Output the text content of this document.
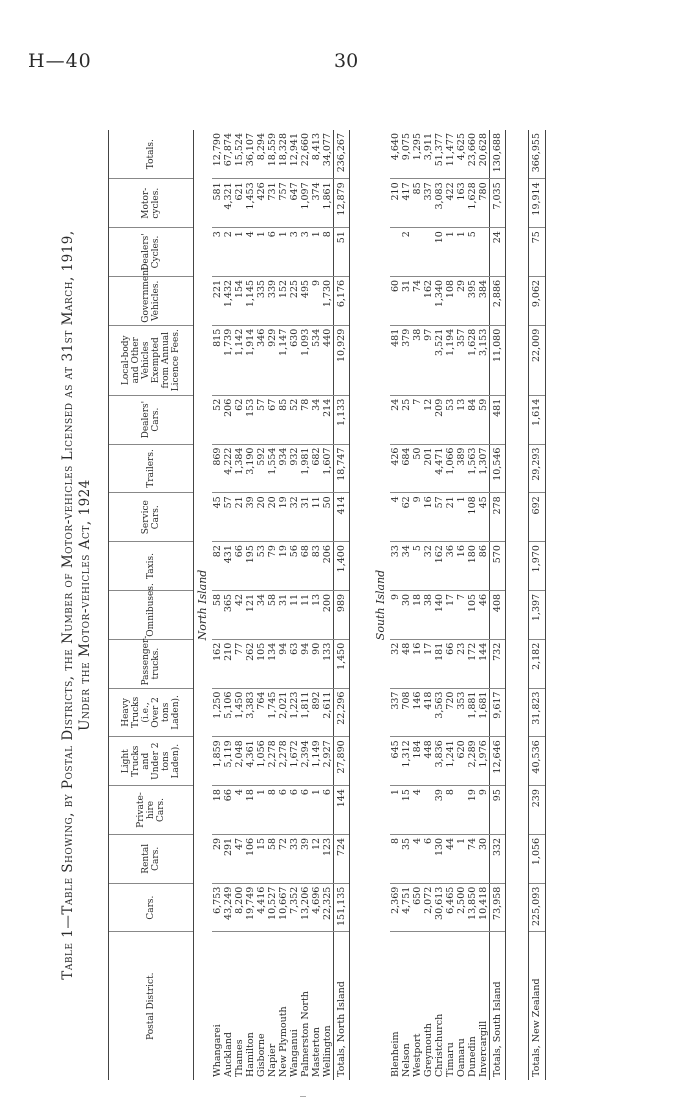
H—40	30
Table 1—Table Showing, by Postal Districts, the Number of Motor-vehicles Licensed as at 31st March, 1919, Under the Motor-vehicles Act, 1924
Postal District.	Cars.	Rental Cars.	Private-hire Cars.	Light Trucks and Under 2 tons Laden).	Heavy Trucks (i.e., Over 2 tons Laden).	Passenger-trucks.	Omnibuses.	Taxis.	Service Cars.	Trailers.	Dealers' Cars.	Local-body and Other Vehicles Exempted from Annual Licence Fees.	Government Vehicles.	Dealers' Cycles.	Motor-cycles.	Totals.
North Island																
Whangarei	6,753	29	18	1,859	1,250	162	58	82	45	869	52	815	221	3	581	12,790
Auckland	43,249	291	66	5,119	5,106	210	365	431	57	4,222	206	1,739	1,432	2	4,321	67,874
Thames	8,200	47	4	2,048	1,450	77	42	66	21	1,384	62	1,142	154	1	621	15,524
Hamilton	19,749	106	18	4,361	3,383	262	121	195	39	3,190	153	1,914	1,145	4	1,453	36,107
Gisborne	4,416	15	1	1,056	764	105	34	53	20	592	57	346	335	1	426	8,294
Napier	10,527	58	8	2,278	1,745	134	58	79	20	1,554	67	929	339	6	731	18,559
New Plymouth	10,667	72	6	2,278	2,021	94	31	19	19	934	85	1,147	152	1	757	18,328
Wanganui	7,352	33	6	1,672	1,223	63	11	56	32	932	52	630	225	3	647	12,941
Palmerston North	13,206	39	6	2,394	1,811	94	11	68	31	1,981	78	1,093	495	3	1,097	22,660
Masterton	4,696	12	1	1,149	892	90	13	83	11	682	34	534	9	1	374	8,413
Wellington	22,325	123	6	2,927	2,611	133	200	206	50	1,607	214	440	1,730	8	1,861	34,077
Totals, North Island	151,135	724	144	27,890	22,296	1,450	989	1,400	414	18,747	1,133	10,929	6,176	51	12,879	236,267

South Island																
Blenheim	2,369	8	1	645	337	32	9	33	4	426	24	481	60		210	4,640
Nelson	4,751	35	15	1,312	708	48	30	34	62	684	25	379	31	2	417	9,075
Westport	650	4	4	184	146	16	18	5	9	50	7	38	74		85	1,295
Greymouth	2,072	6		448	418	17	38	32	16	201	12	97	162		337	3,911
Christchurch	30,613	130	39	3,836	3,563	181	140	162	57	4,471	209	3,521	1,340	10	3,083	51,377
Timaru	6,465	44	8	1,241	720	66	17	36	21	1,066	53	1,194	108	1	422	11,477
Oamaru	2,500	1		620	353	23	7	16	1	389	13	357	29	1	163	4,625
Dunedin	13,850	74	19	2,289	1,881	172	105	180	108	1,563	84	1,628	395	5	1,628	23,660
Invercargill	10,418	30	9	1,976	1,681	144	46	86	45	1,307	59	3,153	384		780	20,628
Totals, South Island	73,958	332	95	12,646	9,617	732	408	570	278	10,546	481	11,080	2,886	24	7,035	130,688

Totals, New Zealand	225,093	1,056	239	40,536	31,823	2,182	1,397	1,970	692	29,293	1,614	22,009	9,062	75	19,914	366,955
